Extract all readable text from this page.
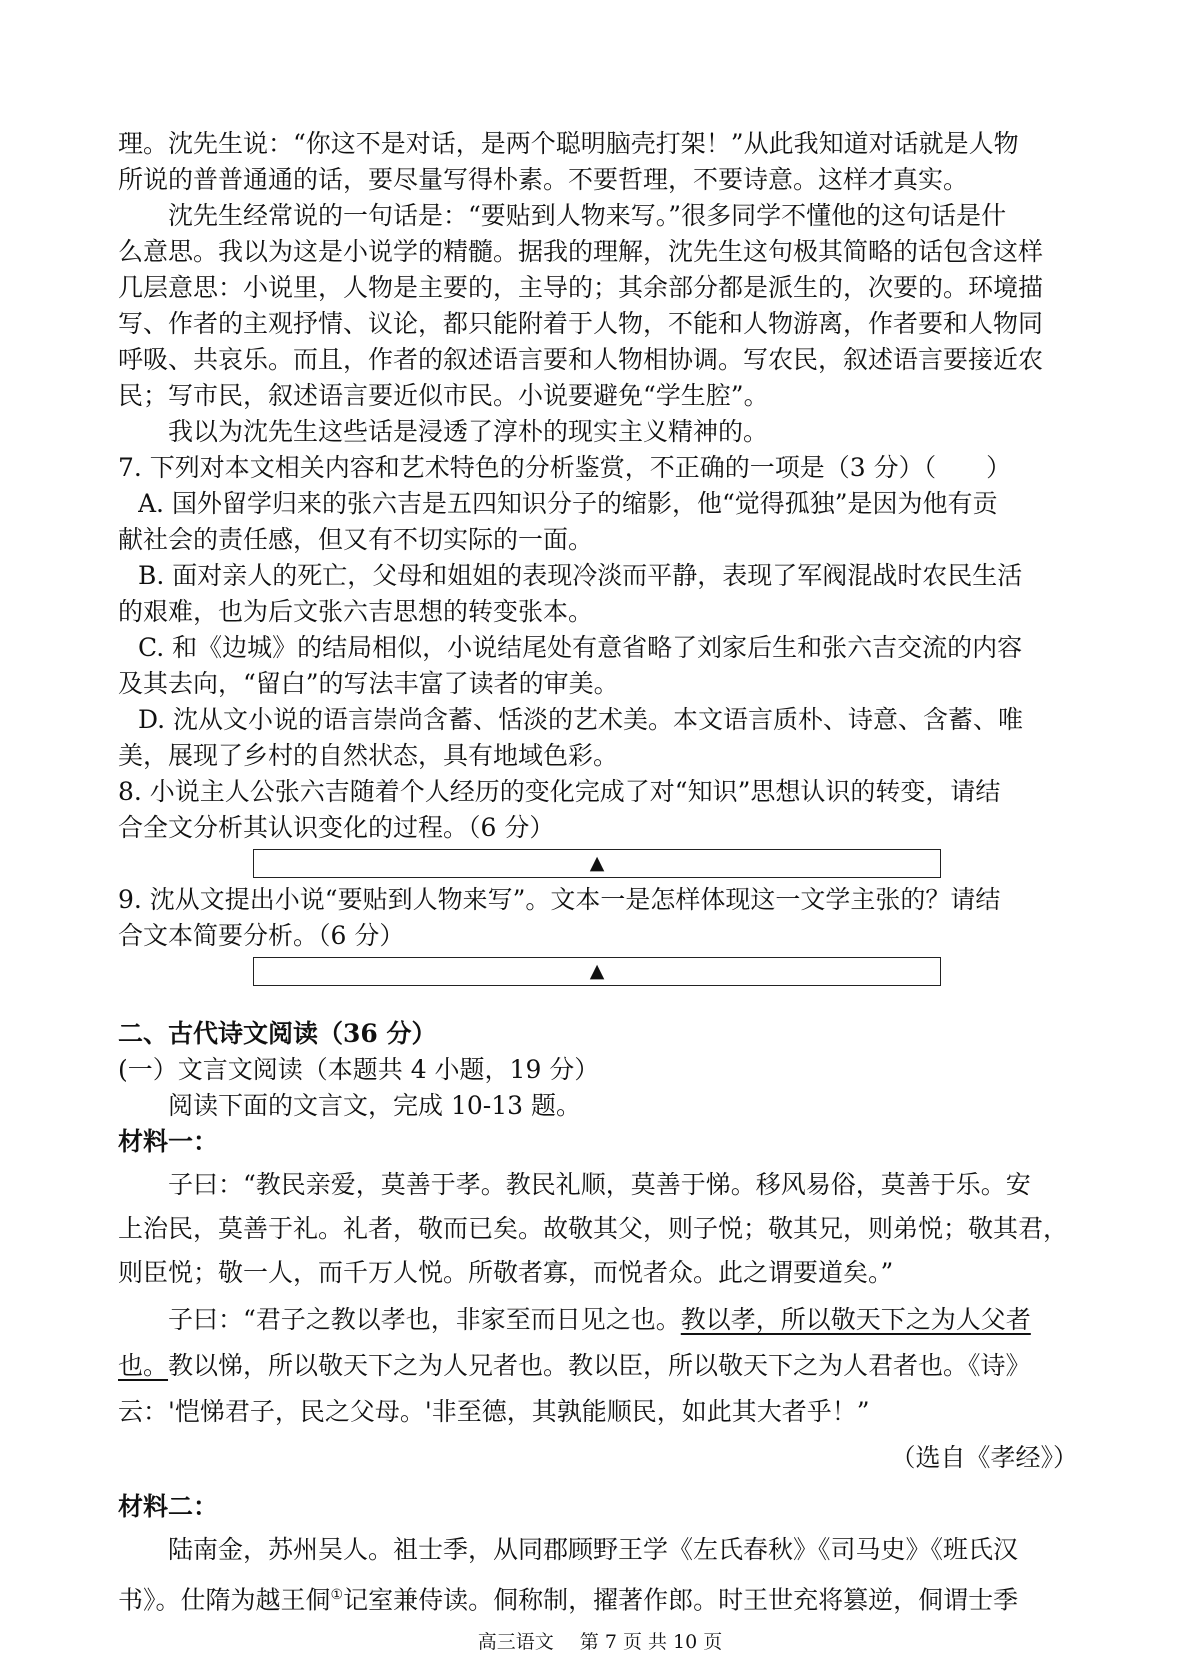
理。沈先生说：“你这不是对话，是两个聪明脑壳打架！”从此我知道对话就是人物
所说的普普通通的话，要尽量写得朴素。不要哲理，不要诗意。这样才真实。
沈先生经常说的一句话是：“要贴到人物来写。”很多同学不懂他的这句话是什
么意思。我以为这是小说学的精髓。据我的理解，沈先生这句极其简略的话包含这样
几层意思：小说里，人物是主要的，主导的；其余部分都是派生的，次要的。环境描
写、作者的主观抒情、议论，都只能附着于人物，不能和人物游离，作者要和人物同
呼吸、共哀乐。而且，作者的叙述语言要和人物相协调。写农民，叙述语言要接近农
民；写市民，叙述语言要近似市民。小说要避免“学生腔”。
我以为沈先生这些话是浸透了淳朴的现实主义精神的。
7. 下列对本文相关内容和艺术特色的分析鉴赏，不正确的一项是（3 分）（　　）
A. 国外留学归来的张六吉是五四知识分子的缩影，他“觉得孤独”是因为他有贡
献社会的责任感，但又有不切实际的一面。
B. 面对亲人的死亡，父母和姐姐的表现冷淡而平静，表现了军阀混战时农民生活
的艰难，也为后文张六吉思想的转变张本。
C. 和《边城》的结局相似，小说结尾处有意省略了刘家后生和张六吉交流的内容
及其去向，“留白”的写法丰富了读者的审美。
D. 沈从文小说的语言崇尚含蓄、恬淡的艺术美。本文语言质朴、诗意、含蓄、唯
美，展现了乡村的自然状态，具有地域色彩。
8. 小说主人公张六吉随着个人经历的变化完成了对“知识”思想认识的转变，请结
合全文分析其认识变化的过程。（6 分）
▲
9. 沈从文提出小说“要贴到人物来写”。文本一是怎样体现这一文学主张的？请结
合文本简要分析。（6 分）
▲
二、古代诗文阅读（36 分）
(一）文言文阅读（本题共 4 小题，19 分）
阅读下面的文言文，完成 10-13 题。
材料一：
子曰：“教民亲爱，莫善于孝。教民礼顺，莫善于悌。移风易俗，莫善于乐。安
上治民，莫善于礼。礼者，敬而已矣。故敬其父，则子悦；敬其兄，则弟悦；敬其君，
则臣悦；敬一人，而千万人悦。所敬者寡，而悦者众。此之谓要道矣。”
子曰：“君子之教以孝也，非家至而日见之也。教以孝，所以敬天下之为人父者
也。教以悌，所以敬天下之为人兄者也。教以臣，所以敬天下之为人君者也。《诗》
云：'恺悌君子，民之父母。'非至德，其孰能顺民，如此其大者乎！”
（选自《孝经》）
材料二：
陆南金，苏州吴人。祖士季，从同郡顾野王学《左氏春秋》《司马史》《班氏汉
书》。仕隋为越王侗①记室兼侍读。侗称制，擢著作郎。时王世充将篡逆，侗谓士季
高三语文 第 7 页 共 10 页
